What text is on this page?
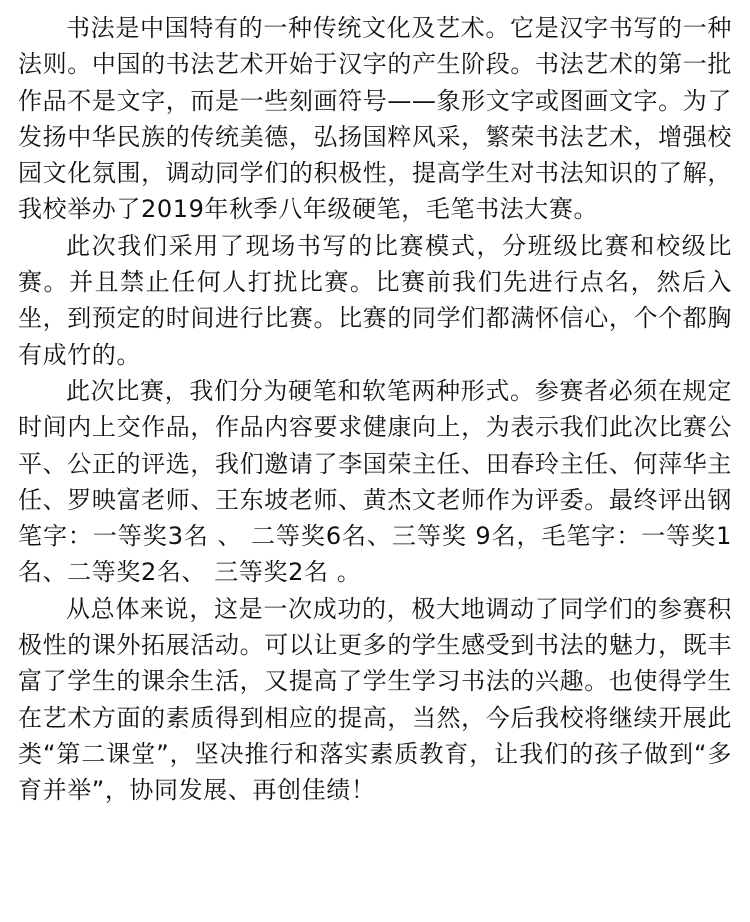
书法是中国特有的一种传统文化及艺术。它是汉字书写的一种法则。中国的书法艺术开始于汉字的产生阶段。书法艺术的第一批作品不是文字，而是一些刻画符号——象形文字或图画文字。为了发扬中华民族的传统美德，弘扬国粹风采，繁荣书法艺术，增强校园文化氛围，调动同学们的积极性，提高学生对书法知识的了解，我校举办了2019年秋季八年级硬笔，毛笔书法大赛。

此次我们采用了现场书写的比赛模式，分班级比赛和校级比赛。并且禁止任何人打扰比赛。比赛前我们先进行点名，然后入坐，到预定的时间进行比赛。比赛的同学们都满怀信心，个个都胸有成竹的。

此次比赛，我们分为硬笔和软笔两种形式。参赛者必须在规定时间内上交作品，作品内容要求健康向上，为表示我们此次比赛公平、公正的评选，我们邀请了李国荣主任、田春玲主任、何萍华主任、罗映富老师、王东坡老师、黄杰文老师作为评委。最终评出钢笔字：一等奖3名 、 二等奖6名、三等奖 9名，毛笔字：一等奖1名、二等奖2名、 三等奖2名 。

从总体来说，这是一次成功的，极大地调动了同学们的参赛积极性的课外拓展活动。可以让更多的学生感受到书法的魅力，既丰富了学生的课余生活，又提高了学生学习书法的兴趣。也使得学生在艺术方面的素质得到相应的提高，当然，今后我校将继续开展此类“第二课堂”，坚决推行和落实素质教育，让我们的孩子做到“多育并举”，协同发展、再创佳绩！
